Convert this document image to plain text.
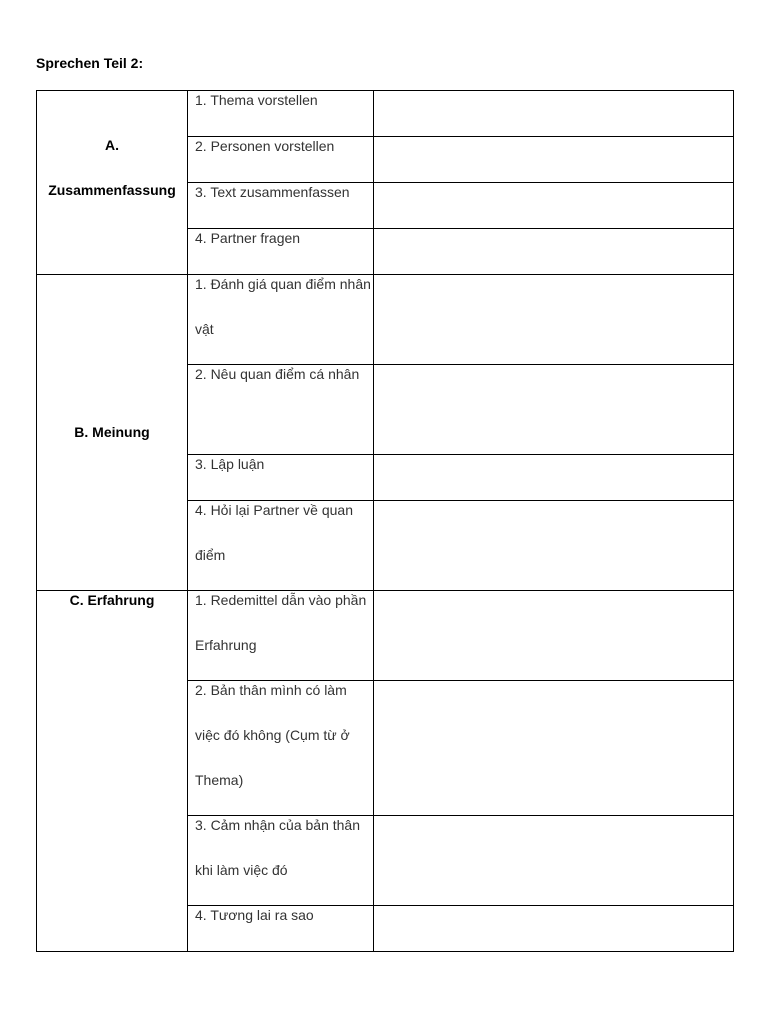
Sprechen Teil 2:
A.
Zusammenfassung	1. Thema vorstellen	

	2. Personen vorstellen	

	3. Text zusammenfassen	

	4. Partner fragen	

B. Meinung	1. Đánh giá quan điểm nhân vật	

	2. Nêu quan điểm cá nhân	

	3. Lập luận	

	4. Hỏi lại Partner về quan điểm	

C. Erfahrung	1. Redemittel dẫn vào phần Erfahrung	

	2. Bản thân mình có làm việc đó không (Cụm từ ở Thema)	

	3. Cảm nhận của bản thân khi làm việc đó	

	4. Tương lai ra sao	
